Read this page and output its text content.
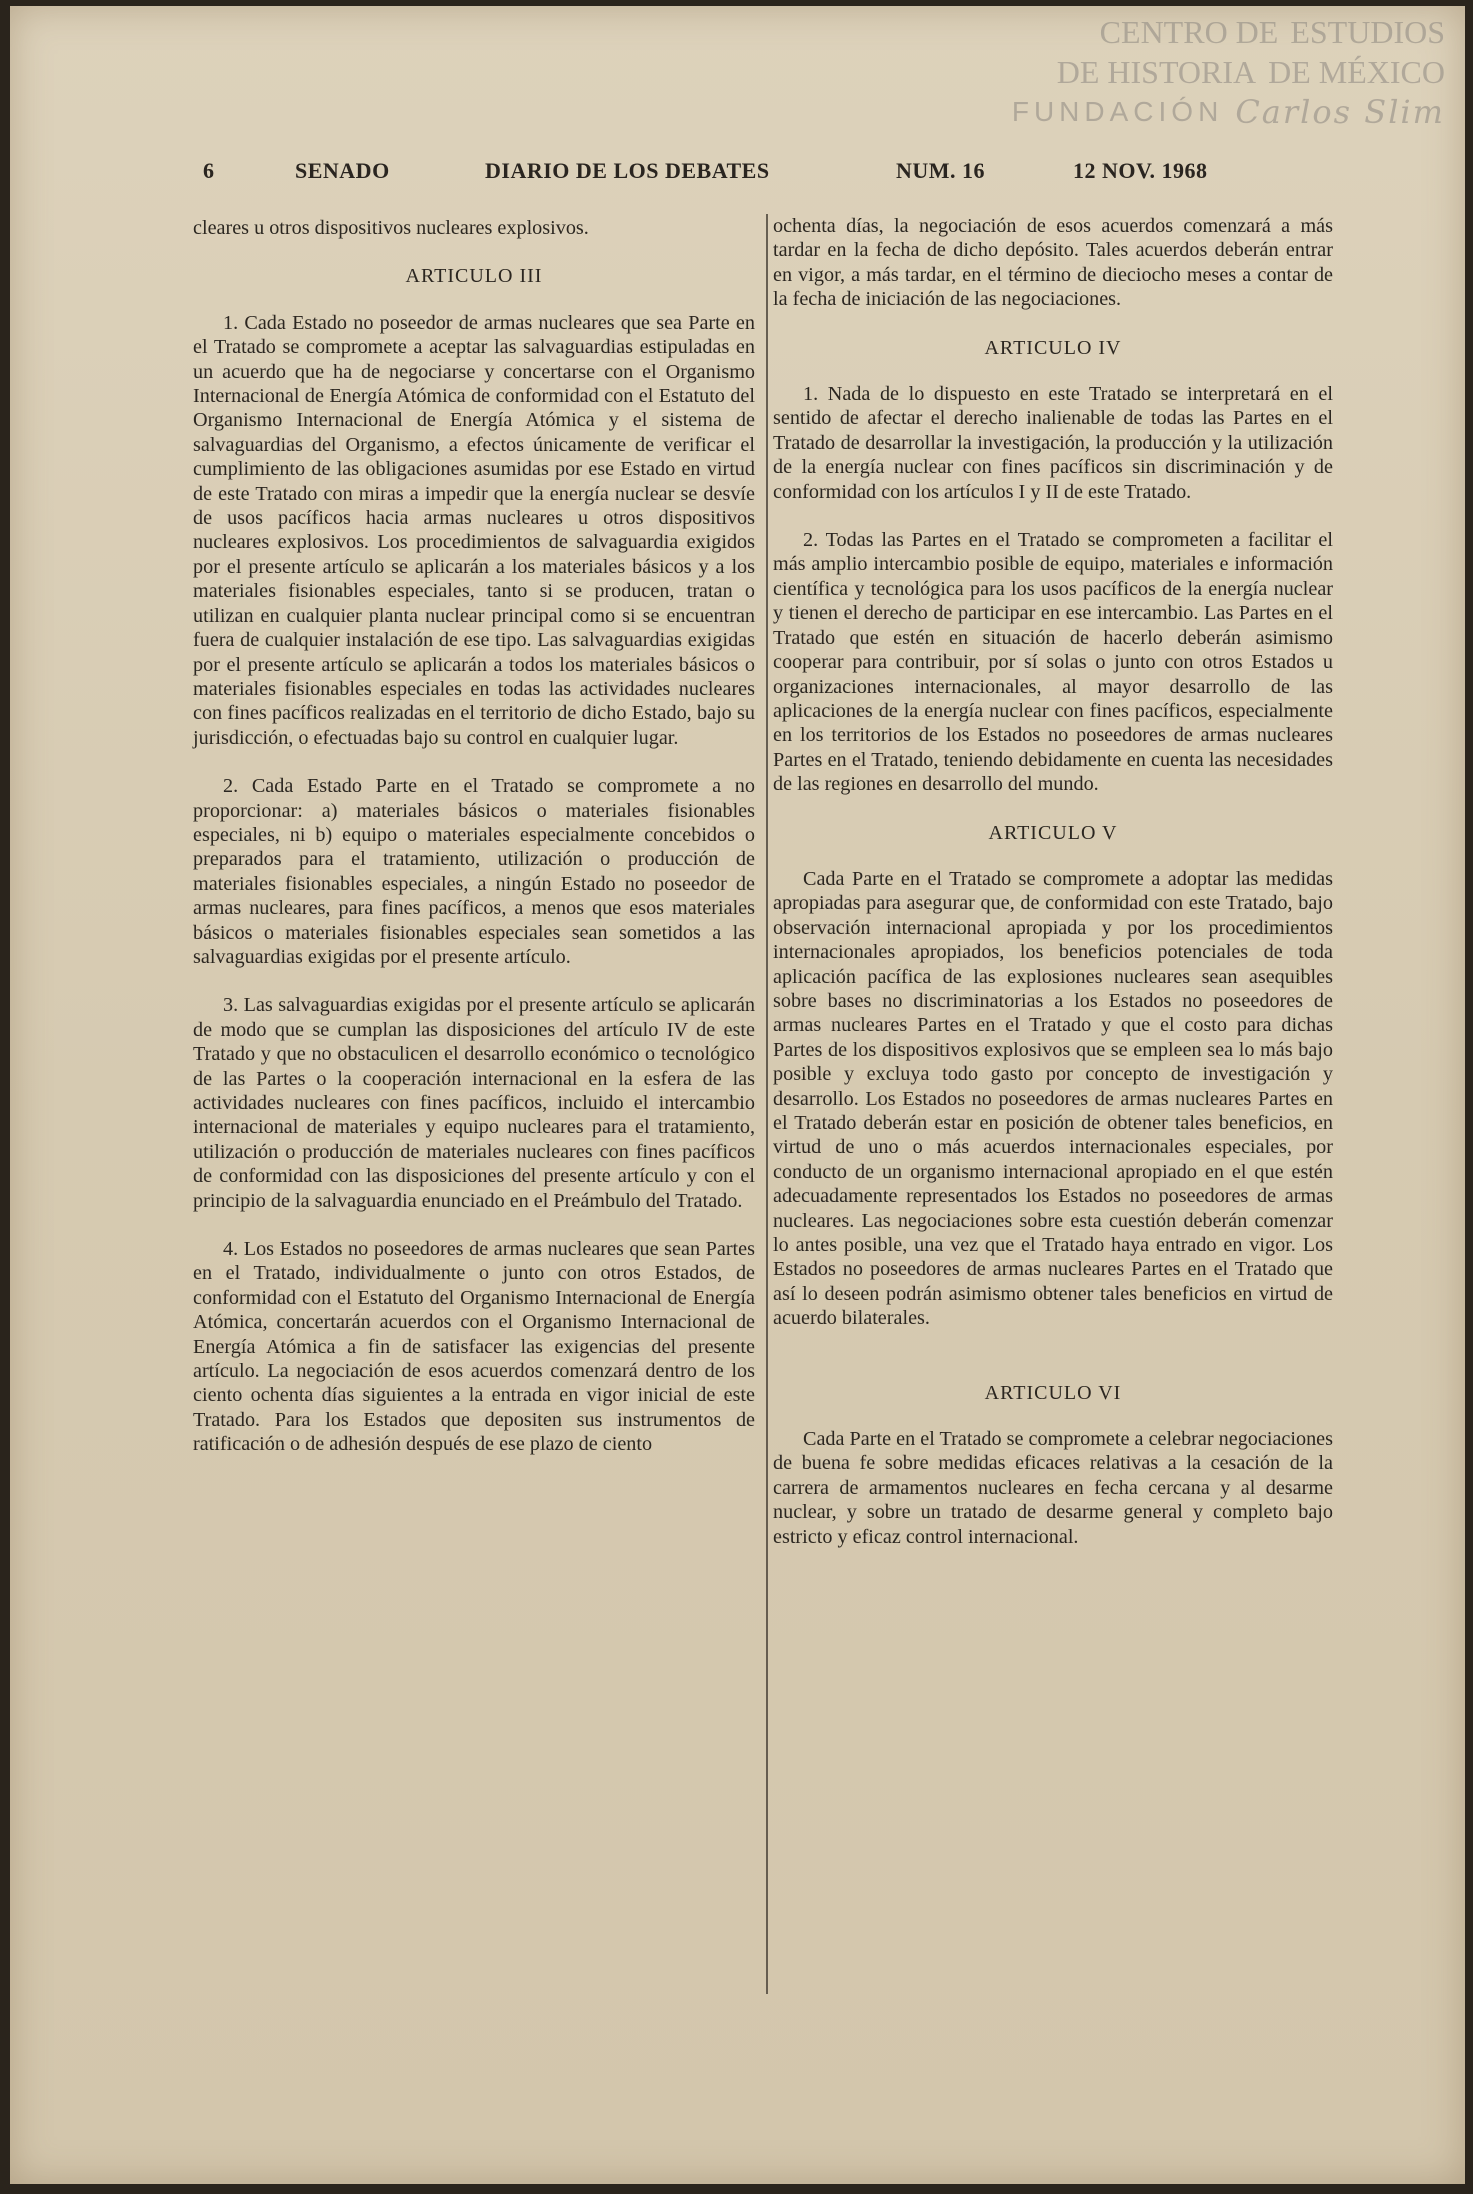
CENTRO DE ESTUDIOS
DE HISTORIA DE MÉXICO
FUNDACIÓN Carlos Slim
6	SENADO	DIARIO DE LOS DEBATES	NUM. 16	12 NOV. 1968

cleares u otros dispositivos nucleares explosivos.

ARTICULO III

1. Cada Estado no poseedor de armas nucleares que sea Parte en el Tratado se compromete a aceptar las salvaguardias estipuladas en un acuerdo que ha de negociarse y concertarse con el Organismo Internacional de Energía Atómica de conformidad con el Estatuto del Organismo Internacional de Energía Atómica y el sistema de salvaguardias del Organismo, a efectos únicamente de verificar el cumplimiento de las obligaciones asumidas por ese Estado en virtud de este Tratado con miras a impedir que la energía nuclear se desvíe de usos pacíficos hacia armas nucleares u otros dispositivos nucleares explosivos. Los procedimientos de salvaguardia exigidos por el presente artículo se aplicarán a los materiales básicos y a los materiales fisionables especiales, tanto si se producen, tratan o utilizan en cualquier planta nuclear principal como si se encuentran fuera de cualquier instalación de ese tipo. Las salvaguardias exigidas por el presente artículo se aplicarán a todos los materiales básicos o materiales fisionables especiales en todas las actividades nucleares con fines pacíficos realizadas en el territorio de dicho Estado, bajo su jurisdicción, o efectuadas bajo su control en cualquier lugar.

2. Cada Estado Parte en el Tratado se compromete a no proporcionar: a) materiales básicos o materiales fisionables especiales, ni b) equipo o materiales especialmente concebidos o preparados para el tratamiento, utilización o producción de materiales fisionables especiales, a ningún Estado no poseedor de armas nucleares, para fines pacíficos, a menos que esos materiales básicos o materiales fisionables especiales sean sometidos a las salvaguardias exigidas por el presente artículo.

3. Las salvaguardias exigidas por el presente artículo se aplicarán de modo que se cumplan las disposiciones del artículo IV de este Tratado y que no obstaculicen el desarrollo económico o tecnológico de las Partes o la cooperación internacional en la esfera de las actividades nucleares con fines pacíficos, incluido el intercambio internacional de materiales y equipo nucleares para el tratamiento, utilización o producción de materiales nucleares con fines pacíficos de conformidad con las disposiciones del presente artículo y con el principio de la salvaguardia enunciado en el Preámbulo del Tratado.

4. Los Estados no poseedores de armas nucleares que sean Partes en el Tratado, individualmente o junto con otros Estados, de conformidad con el Estatuto del Organismo Internacional de Energía Atómica, concertarán acuerdos con el Organismo Internacional de Energía Atómica a fin de satisfacer las exigencias del presente artículo. La negociación de esos acuerdos comenzará dentro de los ciento ochenta días siguientes a la entrada en vigor inicial de este Tratado. Para los Estados que depositen sus instrumentos de ratificación o de adhesión después de ese plazo de ciento

ochenta días, la negociación de esos acuerdos comenzará a más tardar en la fecha de dicho depósito. Tales acuerdos deberán entrar en vigor, a más tardar, en el término de dieciocho meses a contar de la fecha de iniciación de las negociaciones.

ARTICULO IV

1. Nada de lo dispuesto en este Tratado se interpretará en el sentido de afectar el derecho inalienable de todas las Partes en el Tratado de desarrollar la investigación, la producción y la utilización de la energía nuclear con fines pacíficos sin discriminación y de conformidad con los artículos I y II de este Tratado.

2. Todas las Partes en el Tratado se comprometen a facilitar el más amplio intercambio posible de equipo, materiales e información científica y tecnológica para los usos pacíficos de la energía nuclear y tienen el derecho de participar en ese intercambio. Las Partes en el Tratado que estén en situación de hacerlo deberán asimismo cooperar para contribuir, por sí solas o junto con otros Estados u organizaciones internacionales, al mayor desarrollo de las aplicaciones de la energía nuclear con fines pacíficos, especialmente en los territorios de los Estados no poseedores de armas nucleares Partes en el Tratado, teniendo debidamente en cuenta las necesidades de las regiones en desarrollo del mundo.

ARTICULO V

Cada Parte en el Tratado se compromete a adoptar las medidas apropiadas para asegurar que, de conformidad con este Tratado, bajo observación internacional apropiada y por los procedimientos internacionales apropiados, los beneficios potenciales de toda aplicación pacífica de las explosiones nucleares sean asequibles sobre bases no discriminatorias a los Estados no poseedores de armas nucleares Partes en el Tratado y que el costo para dichas Partes de los dispositivos explosivos que se empleen sea lo más bajo posible y excluya todo gasto por concepto de investigación y desarrollo. Los Estados no poseedores de armas nucleares Partes en el Tratado deberán estar en posición de obtener tales beneficios, en virtud de uno o más acuerdos internacionales especiales, por conducto de un organismo internacional apropiado en el que estén adecuadamente representados los Estados no poseedores de armas nucleares. Las negociaciones sobre esta cuestión deberán comenzar lo antes posible, una vez que el Tratado haya entrado en vigor. Los Estados no poseedores de armas nucleares Partes en el Tratado que así lo deseen podrán asimismo obtener tales beneficios en virtud de acuerdo bilaterales.

ARTICULO VI

Cada Parte en el Tratado se compromete a celebrar negociaciones de buena fe sobre medidas eficaces relativas a la cesación de la carrera de armamentos nucleares en fecha cercana y al desarme nuclear, y sobre un tratado de desarme general y completo bajo estricto y eficaz control internacional.
